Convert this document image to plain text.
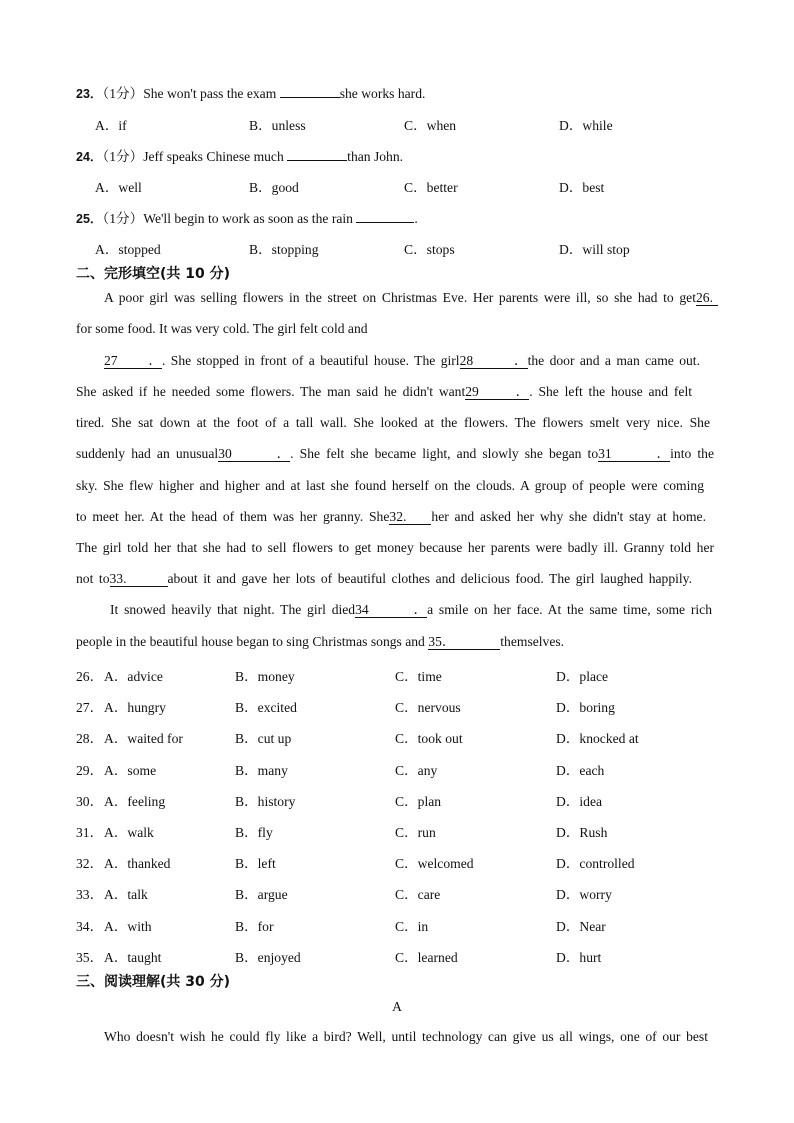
23．（1分）She won't pass the exam	she works hard.
A．if	B．unless	C．when	D．while
24．（1分）Jeff speaks Chinese much	than John.
A．well	B．good	C．better	D．best
25．（1分）We'll begin to work as soon as the rain	.
A．stopped	B．stopping	C．stops	D．will stop
二、完形填空(共 10 分)
A poor girl was selling flowers in the street on Christmas Eve. Her parents were ill, so she had to get26.
for some food. It was very cold. The girl felt cold and
27．. She stopped in front of a beautiful house. The girl28．the door and a man came out.
She asked if he needed some flowers. The man said he didn't want29．. She left the house and felt
tired. She sat down at the foot of a tall wall. She looked at the flowers. The flowers smelt very nice. She
suddenly had an unusual30．. She felt she became light, and slowly she began to31．into the
sky. She flew higher and higher and at last she found herself on the clouds. A group of people were coming
to meet her. At the head of them was her granny. She32. her and asked her why she didn't stay at home.
The girl told her that she had to sell flowers to get money because her parents were badly ill. Granny told her
not to33.	about it and gave her lots of beautiful clothes and delicious food. The girl laughed happily.
It snowed heavily that night. The girl died34．a smile on her face. At the same time, some rich
people in the beautiful house began to sing Christmas songs and 35．	themselves.
26． A．advice	B．money	C．time	D．place
27． A．hungry	B．excited	C．nervous	D．boring
28． A．waited for	B．cut up	C．took out	D．knocked at
29． A．some	B．many	C．any	D．each
30． A．feeling	B．history	C．plan	D．idea
31． A．walk	B．fly	C．run	D．Rush
32． A．thanked	B．left	C．welcomed	D．controlled
33． A．talk	B．argue	C．care	D．worry
34． A．with	B．for	C．in	D．Near
35． A．taught	B．enjoyed	C．learned	D．hurt
三、阅读理解(共 30 分)
A
Who doesn't wish he could fly like a bird? Well, until technology can give us all wings, one of our best
